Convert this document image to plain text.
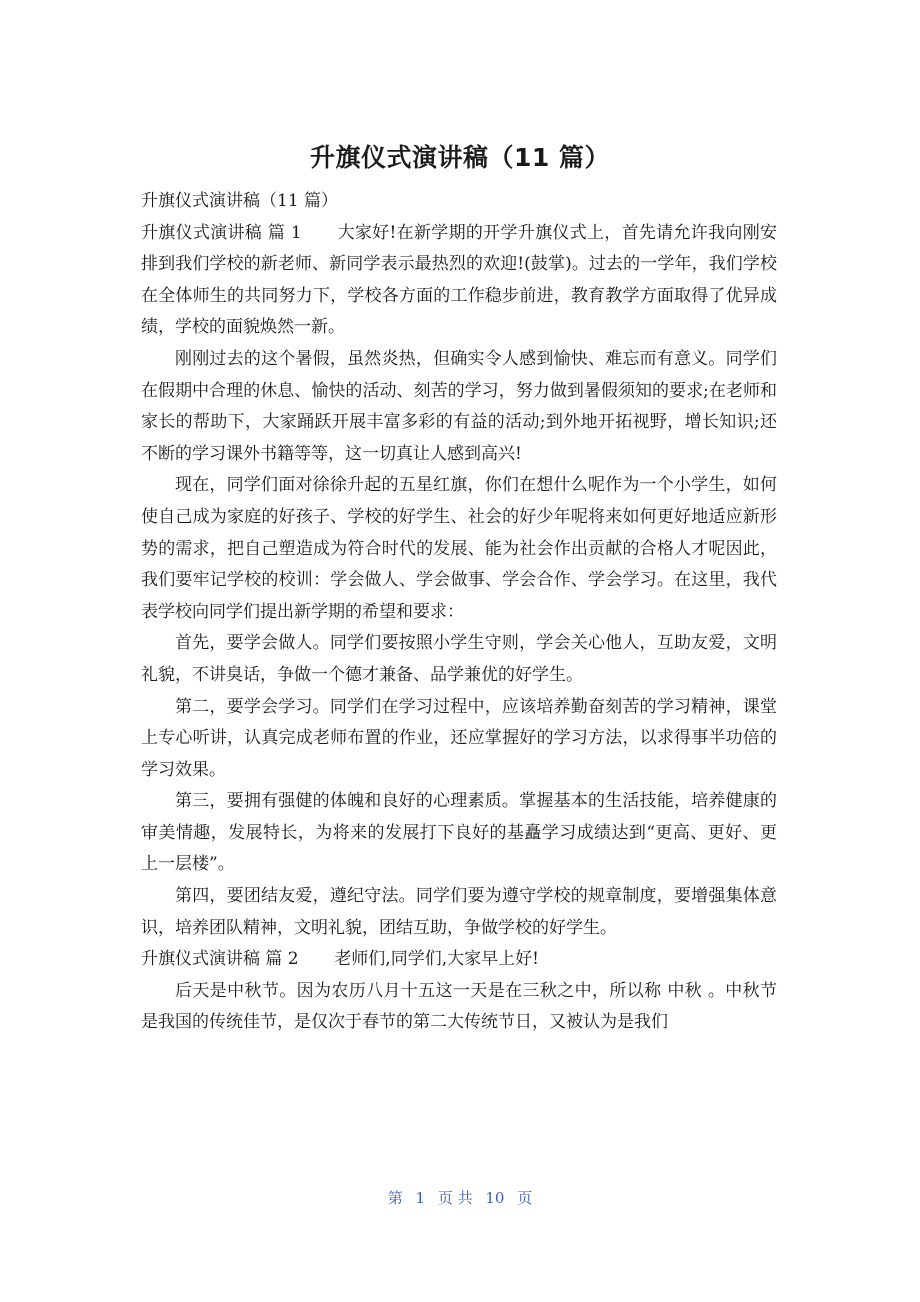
升旗仪式演讲稿（11 篇）

升旗仪式演讲稿（11 篇）

升旗仪式演讲稿 篇 1 大家好!在新学期的开学升旗仪式上，首先请允许我向刚安排到我们学校的新老师、新同学表示最热烈的欢迎!(鼓掌)。过去的一学年，我们学校在全体师生的共同努力下，学校各方面的工作稳步前进，教育教学方面取得了优异成绩，学校的面貌焕然一新。

刚刚过去的这个暑假，虽然炎热，但确实令人感到愉快、难忘而有意义。同学们在假期中合理的休息、愉快的活动、刻苦的学习，努力做到暑假须知的要求;在老师和家长的帮助下，大家踊跃开展丰富多彩的有益的活动;到外地开拓视野，增长知识;还不断的学习课外书籍等等，这一切真让人感到高兴!

现在，同学们面对徐徐升起的五星红旗，你们在想什么呢作为一个小学生，如何使自己成为家庭的好孩子、学校的好学生、社会的好少年呢将来如何更好地适应新形势的需求，把自己塑造成为符合时代的发展、能为社会作出贡献的合格人才呢因此，我们要牢记学校的校训：学会做人、学会做事、学会合作、学会学习。在这里，我代表学校向同学们提出新学期的希望和要求：

首先，要学会做人。同学们要按照小学生守则，学会关心他人，互助友爱，文明礼貌，不讲臭话，争做一个德才兼备、品学兼优的好学生。

第二，要学会学习。同学们在学习过程中，应该培养勤奋刻苦的学习精神，课堂上专心听讲，认真完成老师布置的作业，还应掌握好的学习方法，以求得事半功倍的学习效果。

第三，要拥有强健的体魄和良好的心理素质。掌握基本的生活技能，培养健康的审美情趣，发展特长，为将来的发展打下良好的基矗学习成绩达到“更高、更好、更上一层楼”。

第四，要团结友爱，遵纪守法。同学们要为遵守学校的规章制度，要增强集体意识，培养团队精神，文明礼貌，团结互助，争做学校的好学生。

升旗仪式演讲稿 篇 2 老师们,同学们,大家早上好!

后天是中秋节。因为农历八月十五这一天是在三秋之中，所以称 中秋 。中秋节是我国的传统佳节，是仅次于春节的第二大传统节日，又被认为是我们

第 1 页 共 10 页
